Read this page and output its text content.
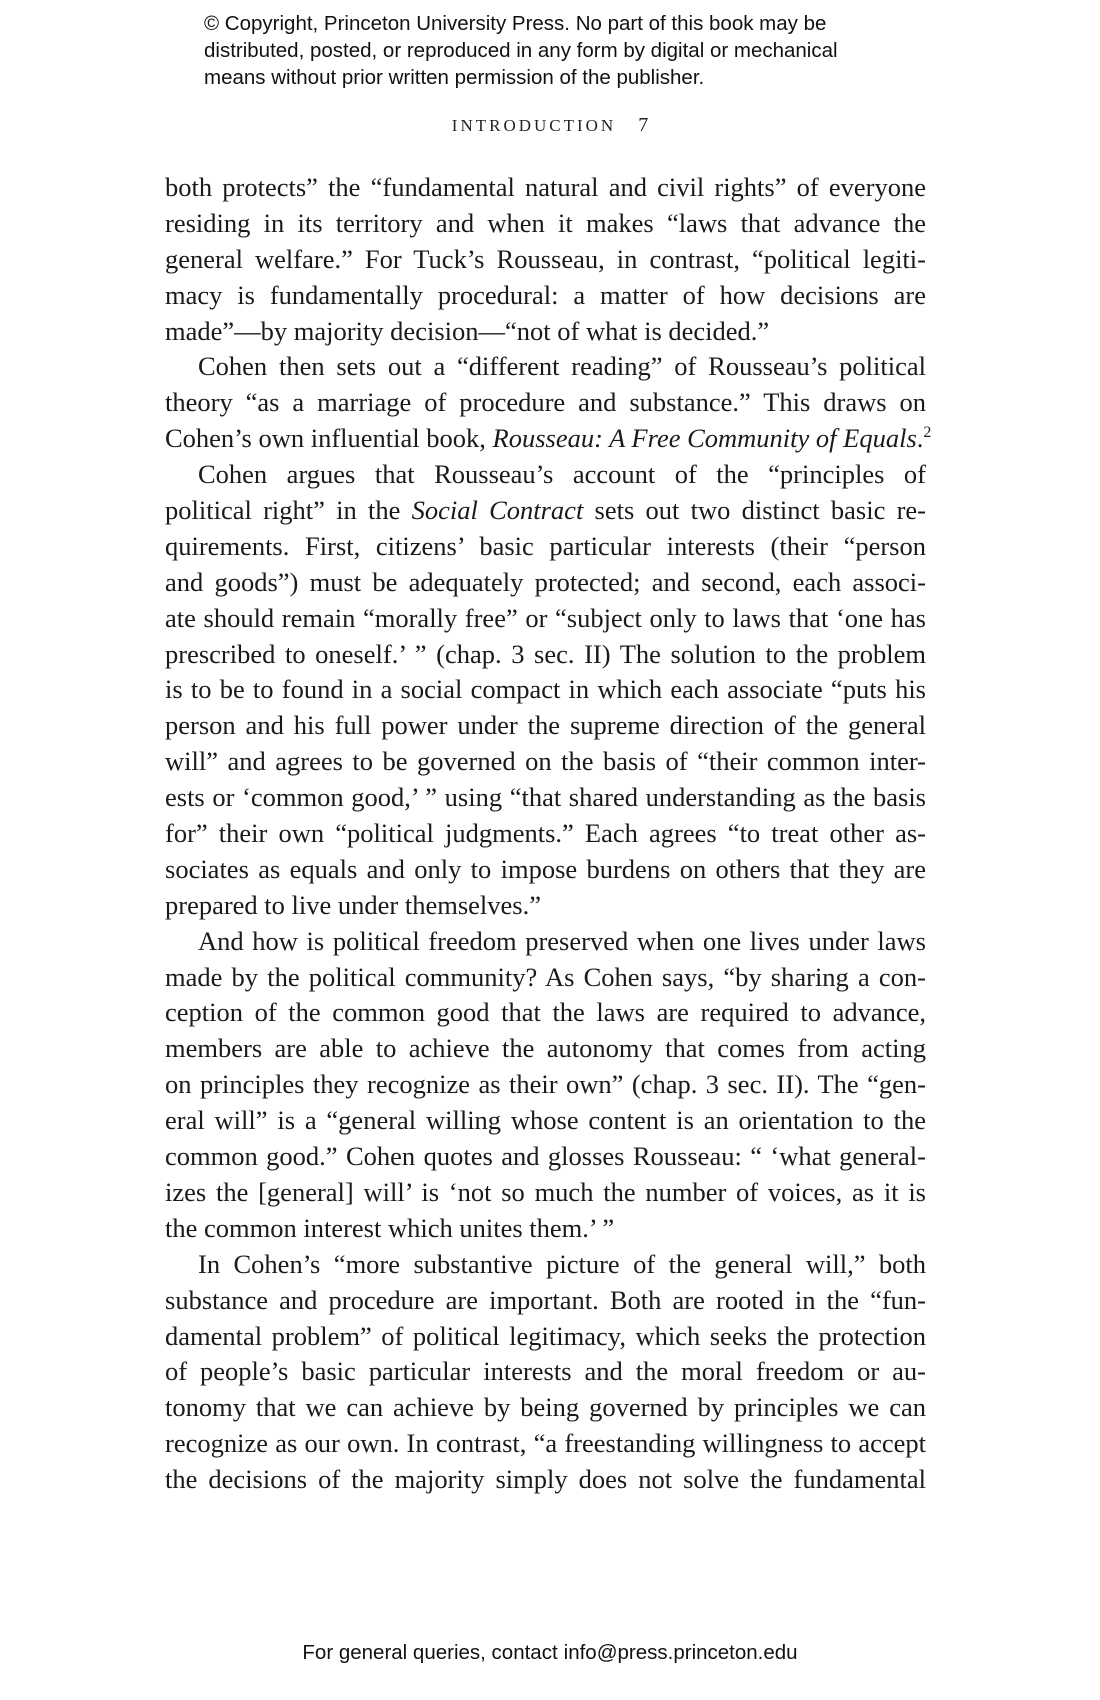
© Copyright, Princeton University Press. No part of this book may be
distributed, posted, or reproduced in any form by digital or mechanical
means without prior written permission of the publisher.
INTRODUCTION 7
both protects” the “fundamental natural and civil rights” of everyone
residing in its territory and when it makes “laws that advance the
general welfare.” For Tuck’s Rousseau, in contrast, “political legiti-
macy is fundamentally procedural: a matter of how decisions are
made”—by majority decision—“not of what is decided.”
Cohen then sets out a “different reading” of Rousseau’s political
theory “as a marriage of procedure and substance.” This draws on
Cohen’s own influential book, Rousseau: A Free Community of Equals.$^2$
Cohen argues that Rousseau’s account of the “principles of
political right” in the Social Contract sets out two distinct basic re-
quirements. First, citizens’ basic particular interests (their “person
and goods”) must be adequately protected; and second, each associ-
ate should remain “morally free” or “subject only to laws that ‘one has
prescribed to oneself.’ ” (chap. 3 sec. II) The solution to the problem
is to be to found in a social compact in which each associate “puts his
person and his full power under the supreme direction of the general
will” and agrees to be governed on the basis of “their common inter-
ests or ‘common good,’ ” using “that shared understanding as the basis
for” their own “political judgments.” Each agrees “to treat other as-
sociates as equals and only to impose burdens on others that they are
prepared to live under themselves.”
And how is political freedom preserved when one lives under laws
made by the political community? As Cohen says, “by sharing a con-
ception of the common good that the laws are required to advance,
members are able to achieve the autonomy that comes from acting
on principles they recognize as their own” (chap. 3 sec. II). The “gen-
eral will” is a “general willing whose content is an orientation to the
common good.” Cohen quotes and glosses Rousseau: “ ‘what general-
izes the [general] will’ is ‘not so much the number of voices, as it is
the common interest which unites them.’ ”
In Cohen’s “more substantive picture of the general will,” both
substance and procedure are important. Both are rooted in the “fun-
damental problem” of political legitimacy, which seeks the protection
of people’s basic particular interests and the moral freedom or au-
tonomy that we can achieve by being governed by principles we can
recognize as our own. In contrast, “a freestanding willingness to accept
the decisions of the majority simply does not solve the fundamental
For general queries, contact info@press.princeton.edu
